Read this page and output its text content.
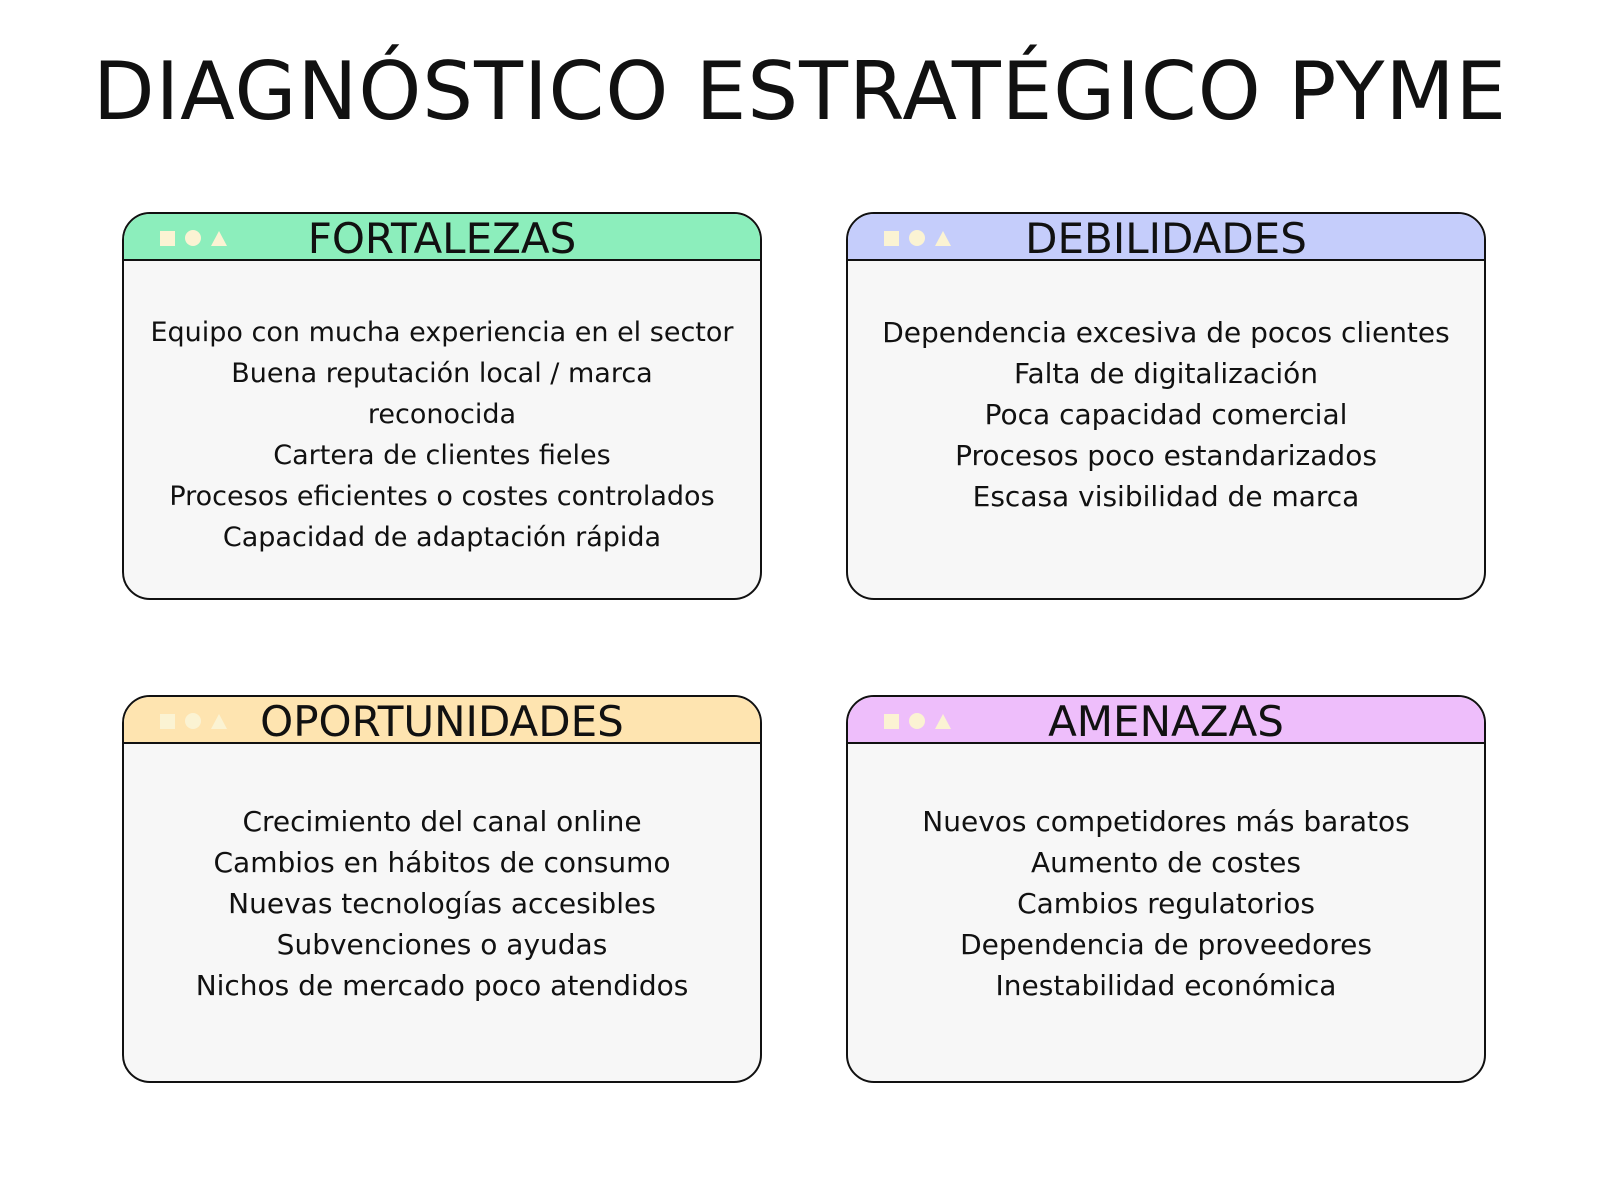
DIAGNÓSTICO ESTRATÉGICO PYME
FORTALEZAS
Equipo con mucha experiencia en el sector
Buena reputación local / marca reconocida
Cartera de clientes fieles
Procesos eficientes o costes controlados
Capacidad de adaptación rápida
DEBILIDADES
Dependencia excesiva de pocos clientes
Falta de digitalización
Poca capacidad comercial
Procesos poco estandarizados
Escasa visibilidad de marca
OPORTUNIDADES
Crecimiento del canal online
Cambios en hábitos de consumo
Nuevas tecnologías accesibles
Subvenciones o ayudas
Nichos de mercado poco atendidos
AMENAZAS
Nuevos competidores más baratos
Aumento de costes
Cambios regulatorios
Dependencia de proveedores
Inestabilidad económica
